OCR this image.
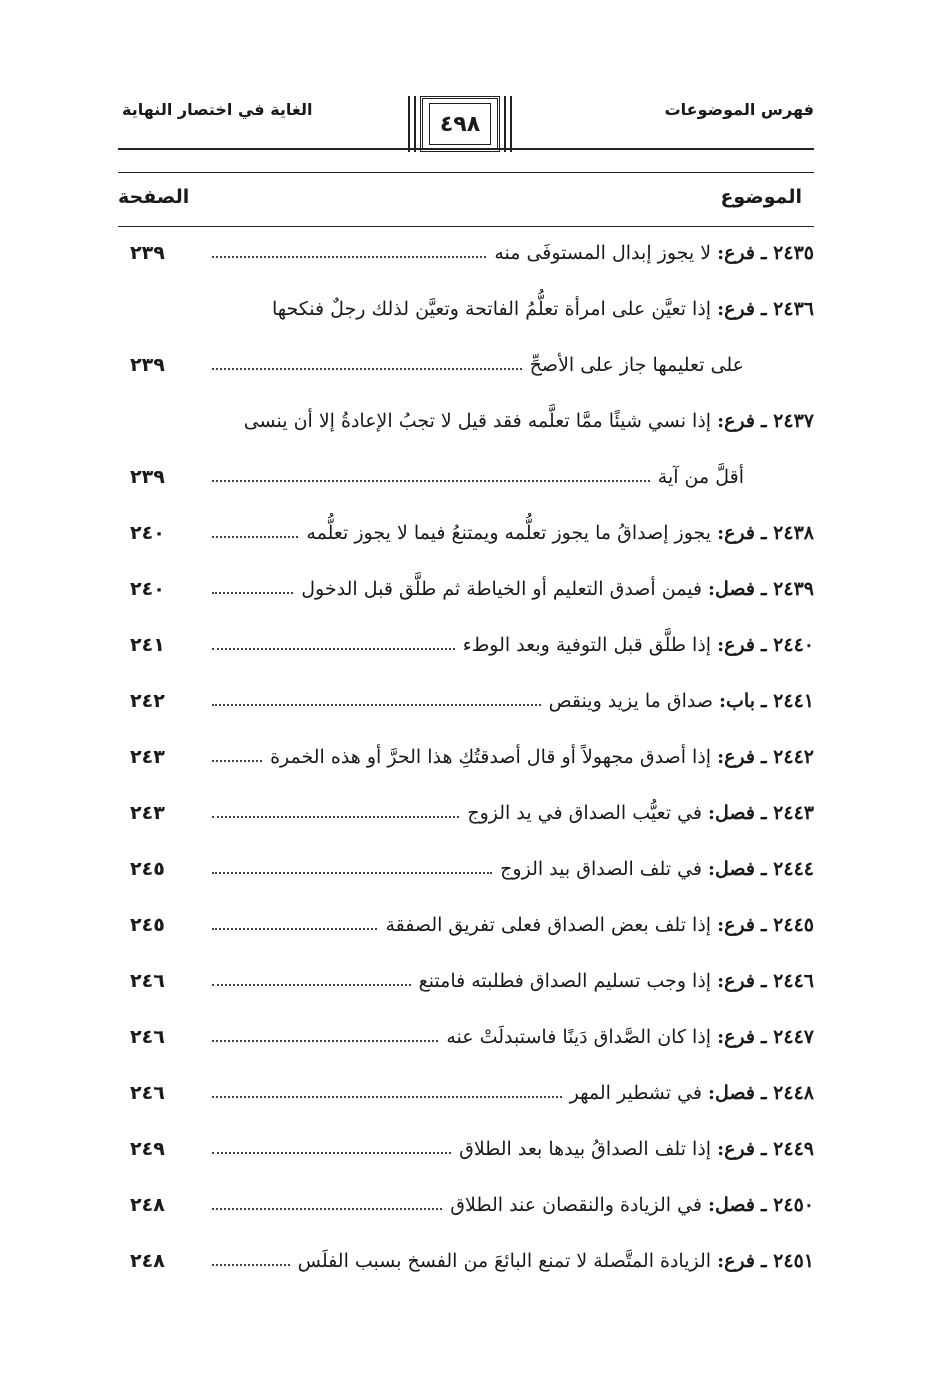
فهرس الموضوعات
الغاية في اختصار النهاية
٤٩٨
الموضوع
الصفحة
٢٤٣٥ ـ
فرع:
لا يجوز إبدال المستوفَى منه
٢٣٩
٢٤٣٦ ـ
فرع:
إذا تعيَّن على امرأة تعلُّمُ الفاتحة وتعيَّن لذلك رجلٌ فنكحها
على تعليمها جاز على الأصحِّ
٢٣٩
٢٤٣٧ ـ
فرع:
إذا نسي شيئًا ممَّا تعلَّمه فقد قيل لا تجبُ الإعادةُ إلا أن ينسى
أقلَّ من آية
٢٣٩
٢٤٣٨ ـ
فرع:
يجوز إصداقُ ما يجوز تعلُّمه ويمتنعُ فيما لا يجوز تعلُّمه
٢٤٠
٢٤٣٩ ـ
فصل:
فيمن أصدق التعليم أو الخياطة ثم طلَّق قبل الدخول
٢٤٠
٢٤٤٠ ـ
فرع:
إذا طلَّق قبل التوفية وبعد الوطء
٢٤١
٢٤٤١ ـ
باب:
صداق ما يزيد وينقص
٢٤٢
٢٤٤٢ ـ
فرع:
إذا أصدق مجهولاً أو قال أصدقتُكِ هذا الحرَّ أو هذه الخمرة
٢٤٣
٢٤٤٣ ـ
فصل:
في تعيُّب الصداق في يد الزوج
٢٤٣
٢٤٤٤ ـ
فصل:
في تلف الصداق بيد الزوج
٢٤٥
٢٤٤٥ ـ
فرع:
إذا تلف بعض الصداق فعلى تفريق الصفقة
٢٤٥
٢٤٤٦ ـ
فرع:
إذا وجب تسليم الصداق فطلبته فامتنع
٢٤٦
٢٤٤٧ ـ
فرع:
إذا كان الصَّداق دَينًا فاستبدلَتْ عنه
٢٤٦
٢٤٤٨ ـ
فصل:
في تشطير المهر
٢٤٦
٢٤٤٩ ـ
فرع:
إذا تلف الصداقُ بيدها بعد الطلاق
٢٤٩
٢٤٥٠ ـ
فصل:
في الزيادة والنقصان عند الطلاق
٢٤٨
٢٤٥١ ـ
فرع:
الزيادة المتَّصلة لا تمنع البائعَ من الفسخ بسبب الفلَس
٢٤٨
